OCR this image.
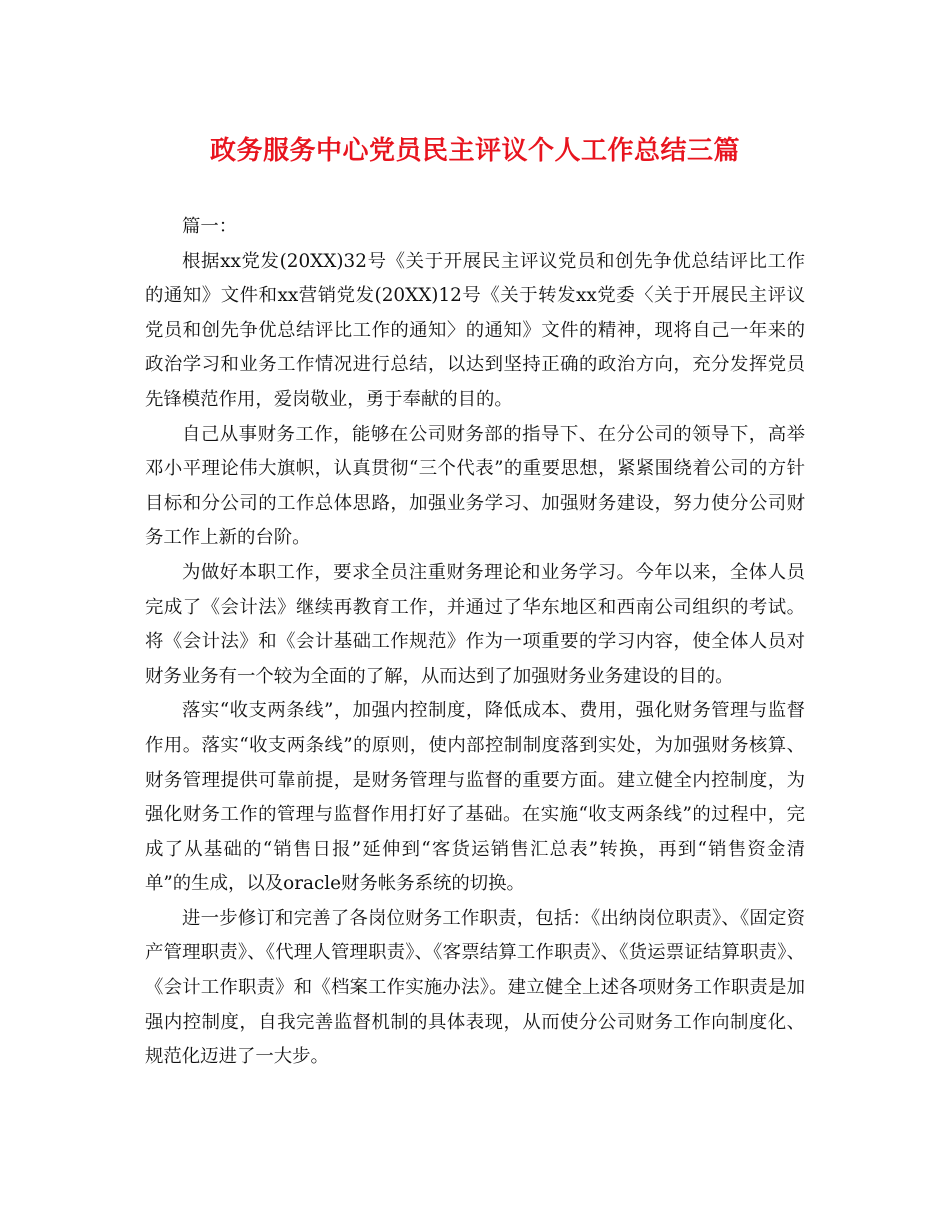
政务服务中心党员民主评议个人工作总结三篇

篇一：

根据xx党发(20XX)32号《关于开展民主评议党员和创先争优总结评比工作的通知》文件和xx营销党发(20XX)12号《关于转发xx党委〈关于开展民主评议党员和创先争优总结评比工作的通知〉的通知》文件的精神，现将自己一年来的政治学习和业务工作情况进行总结，以达到坚持正确的政治方向，充分发挥党员先锋模范作用，爱岗敬业，勇于奉献的目的。

自己从事财务工作，能够在公司财务部的指导下、在分公司的领导下，高举邓小平理论伟大旗帜，认真贯彻“三个代表”的重要思想，紧紧围绕着公司的方针目标和分公司的工作总体思路，加强业务学习、加强财务建设，努力使分公司财务工作上新的台阶。

为做好本职工作，要求全员注重财务理论和业务学习。今年以来，全体人员完成了《会计法》继续再教育工作，并通过了华东地区和西南公司组织的考试。将《会计法》和《会计基础工作规范》作为一项重要的学习内容，使全体人员对财务业务有一个较为全面的了解，从而达到了加强财务业务建设的目的。

落实“收支两条线”，加强内控制度，降低成本、费用，强化财务管理与监督作用。落实“收支两条线”的原则，使内部控制制度落到实处，为加强财务核算、财务管理提供可靠前提，是财务管理与监督的重要方面。建立健全内控制度，为强化财务工作的管理与监督作用打好了基础。在实施“收支两条线”的过程中，完成了从基础的“销售日报”延伸到“客货运销售汇总表”转换，再到“销售资金清单”的生成，以及oracle财务帐务系统的切换。

进一步修订和完善了各岗位财务工作职责，包括：《出纳岗位职责》、《固定资产管理职责》、《代理人管理职责》、《客票结算工作职责》、《货运票证结算职责》、《会计工作职责》和《档案工作实施办法》。建立健全上述各项财务工作职责是加强内控制度，自我完善监督机制的具体表现，从而使分公司财务工作向制度化、规范化迈进了一大步。
